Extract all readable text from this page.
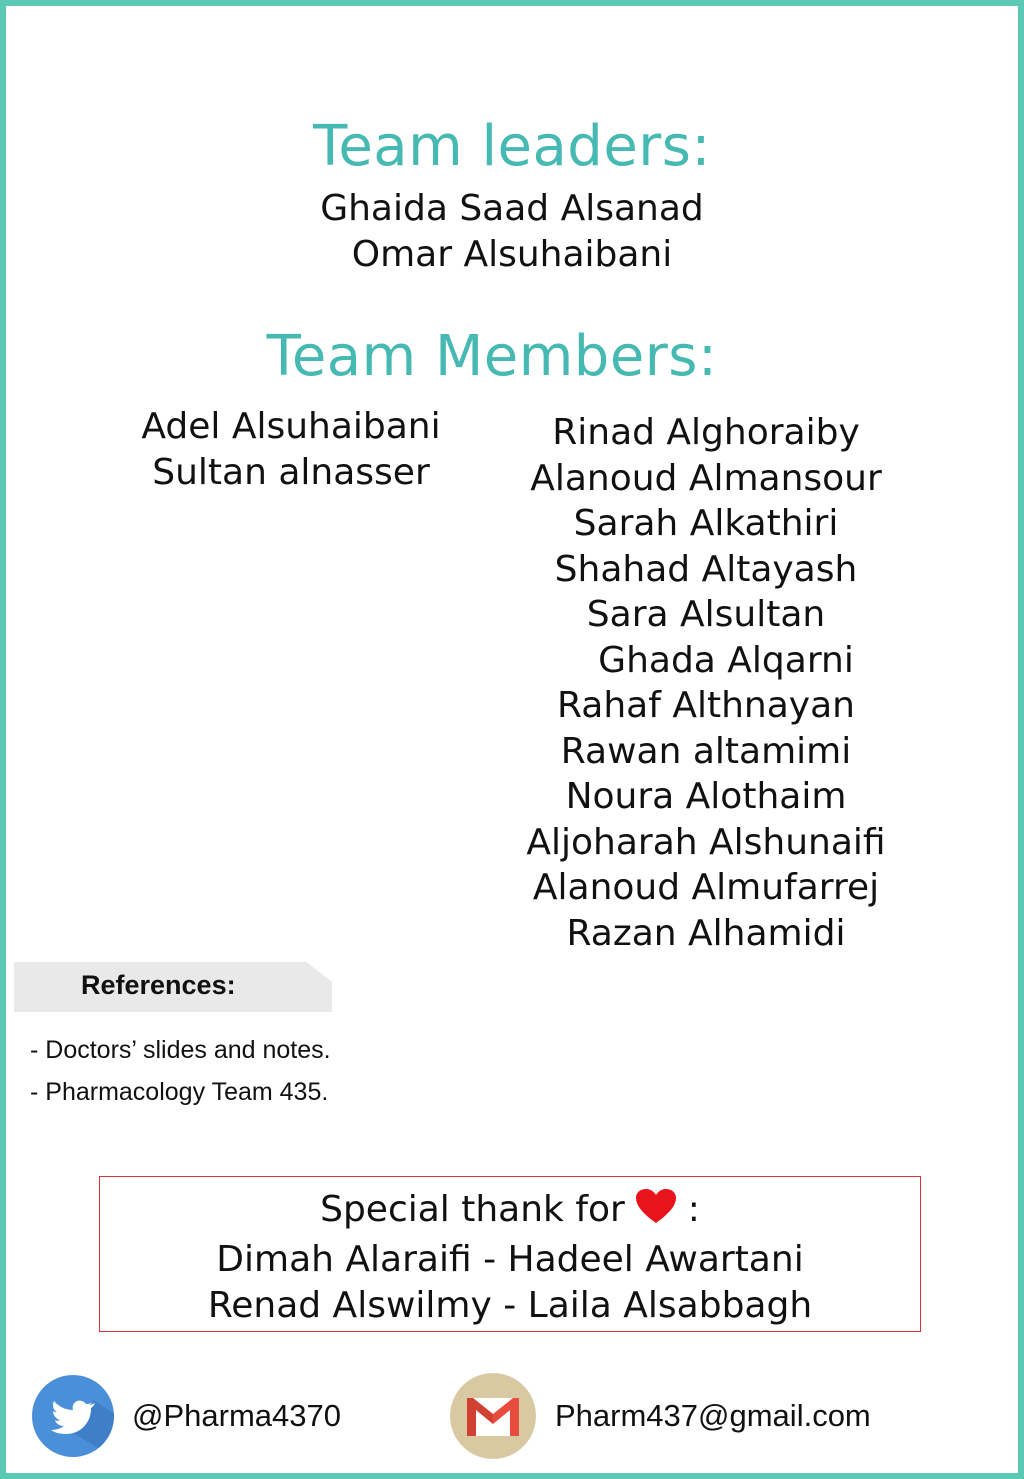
Team leaders:
Ghaida Saad Alsanad
Omar Alsuhaibani
Team Members:
Adel Alsuhaibani
Sultan alnasser
Rinad Alghoraiby
Alanoud Almansour
Sarah Alkathiri
Shahad Altayash
Sara Alsultan
Ghada Alqarni
Rahaf Althnayan
Rawan altamimi
Noura Alothaim
Aljoharah Alshunaifi
Alanoud Almufarrej
Razan Alhamidi
References:
- Doctors’ slides and notes.
- Pharmacology Team 435.
Special thank for :
Dimah Alaraifi - Hadeel Awartani
Renad Alswilmy - Laila Alsabbagh
@Pharma4370	Pharm437@gmail.com
